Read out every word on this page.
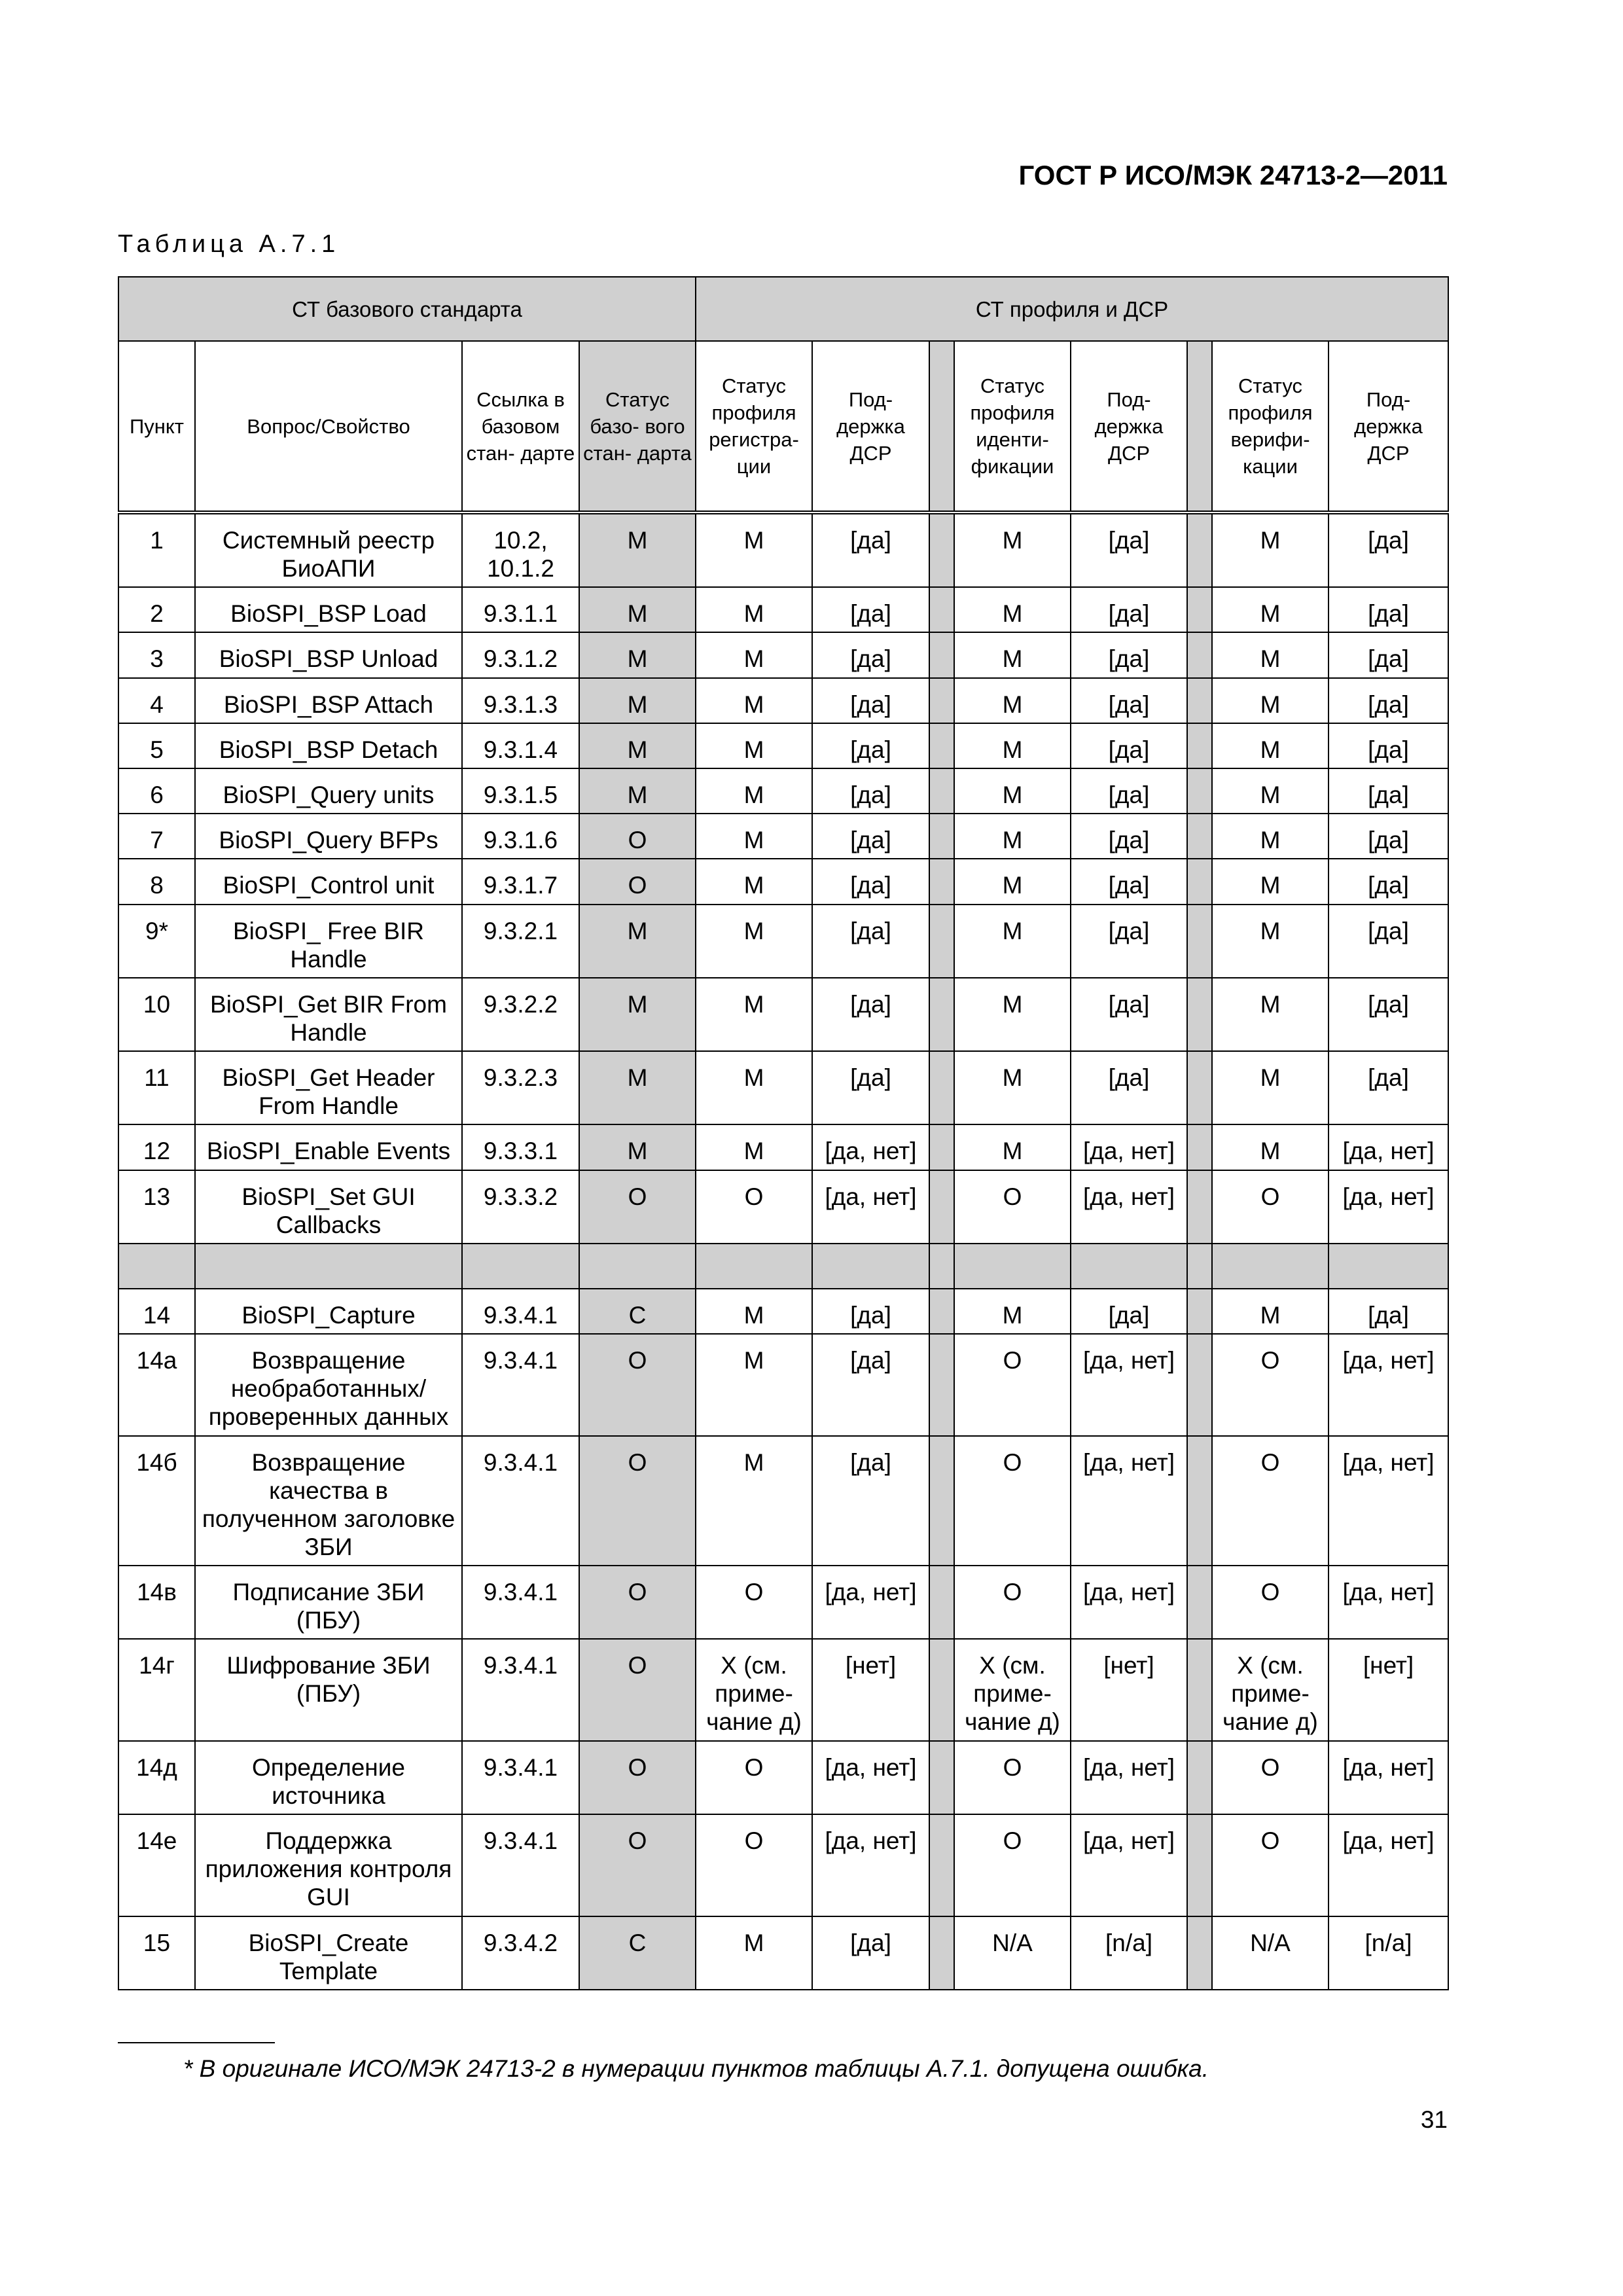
ГОСТ Р ИСО/МЭК 24713-2—2011
Таблица А.7.1
СТ базового стандарта				СТ профиля и ДСР							
Пункт	Вопрос/Свойство	Ссылка в базовом стан- дарте	Статус базо- вого стан- дарта	Статус профиля регистра- ции	Под- держка ДСР		Статус профиля иденти- фикации	Под- держка ДСР		Статус профиля верифи- кации	Под- держка ДСР
1	Системный реестр БиоАПИ	10.2, 10.1.2	M	M	[да]		M	[да]		M	[да]
2	BioSPI_BSP Load	9.3.1.1	M	M	[да]		M	[да]		M	[да]
3	BioSPI_BSP Unload	9.3.1.2	M	M	[да]		M	[да]		M	[да]
4	BioSPI_BSP Attach	9.3.1.3	M	M	[да]		M	[да]		M	[да]
5	BioSPI_BSP Detach	9.3.1.4	M	M	[да]		M	[да]		M	[да]
6	BioSPI_Query units	9.3.1.5	M	M	[да]		M	[да]		M	[да]
7	BioSPI_Query BFPs	9.3.1.6	O	M	[да]		M	[да]		M	[да]
8	BioSPI_Control unit	9.3.1.7	O	M	[да]		M	[да]		M	[да]
9*	BioSPI_ Free BIR Handle	9.3.2.1	M	M	[да]		M	[да]		M	[да]
10	BioSPI_Get BIR From Handle	9.3.2.2	M	M	[да]		M	[да]		M	[да]
11	BioSPI_Get Header From Handle	9.3.2.3	M	M	[да]		M	[да]		M	[да]
12	BioSPI_Enable Events	9.3.3.1	M	M	[да, нет]		M	[да, нет]		M	[да, нет]
13	BioSPI_Set GUI Callbacks	9.3.3.2	O	O	[да, нет]		O	[да, нет]		O	[да, нет]

14	BioSPI_Capture	9.3.4.1	C	M	[да]		M	[да]		M	[да]
14а	Возвращение необработанных/ проверенных данных	9.3.4.1	O	M	[да]		O	[да, нет]		O	[да, нет]
14б	Возвращение качества в полученном заголовке ЗБИ	9.3.4.1	O	M	[да]		O	[да, нет]		O	[да, нет]
14в	Подписание ЗБИ (ПБУ)	9.3.4.1	O	O	[да, нет]		O	[да, нет]		O	[да, нет]
14г	Шифрование ЗБИ (ПБУ)	9.3.4.1	O	X (см. приме- чание д)	[нет]		X (см. приме- чание д)	[нет]		X (см. приме- чание д)	[нет]
14д	Определение источника	9.3.4.1	O	O	[да, нет]		O	[да, нет]		O	[да, нет]
14е	Поддержка приложения контроля GUI	9.3.4.1	O	O	[да, нет]		O	[да, нет]		O	[да, нет]
15	BioSPI_Create Template	9.3.4.2	C	M	[да]		N/A	[n/a]		N/A	[n/a]
* В оригинале ИСО/МЭК 24713-2 в нумерации пунктов таблицы А.7.1. допущена ошибка.
31
